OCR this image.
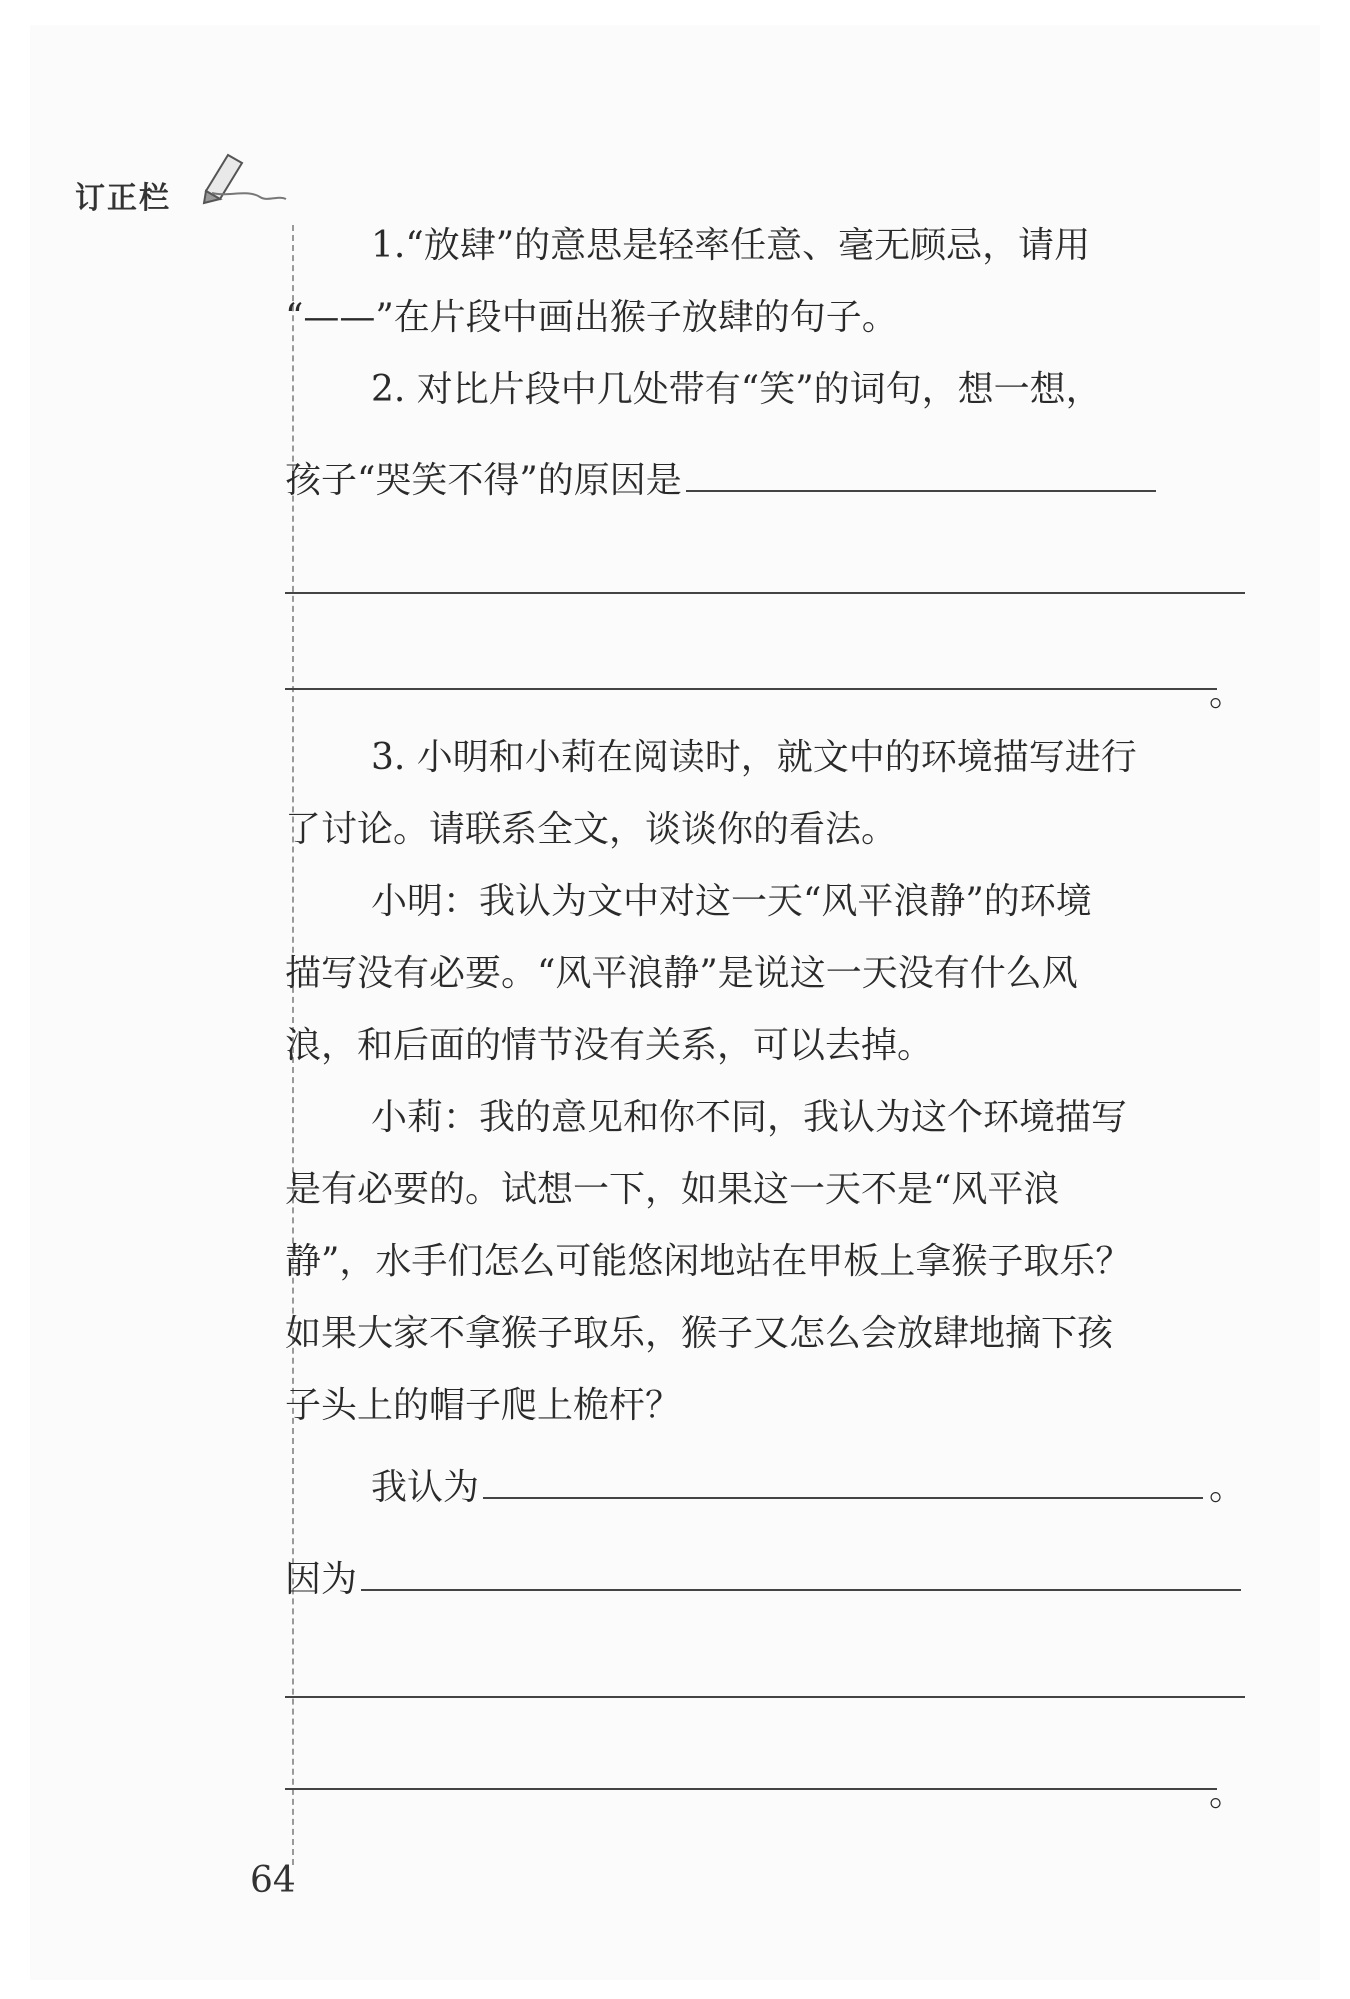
订正栏
1.“放肆”的意思是轻率任意、毫无顾忌，请用
“——”在片段中画出猴子放肆的句子。
2. 对比片段中几处带有“笑”的词句，想一想，
孩子“哭笑不得”的原因是
。
3. 小明和小莉在阅读时，就文中的环境描写进行
了讨论。请联系全文，谈谈你的看法。
小明：我认为文中对这一天“风平浪静”的环境
描写没有必要。“风平浪静”是说这一天没有什么风
浪，和后面的情节没有关系，可以去掉。
小莉：我的意见和你不同，我认为这个环境描写
是有必要的。试想一下，如果这一天不是“风平浪
静”，水手们怎么可能悠闲地站在甲板上拿猴子取乐？
如果大家不拿猴子取乐，猴子又怎么会放肆地摘下孩
子头上的帽子爬上桅杆？
我认为	。
因为
。
64
